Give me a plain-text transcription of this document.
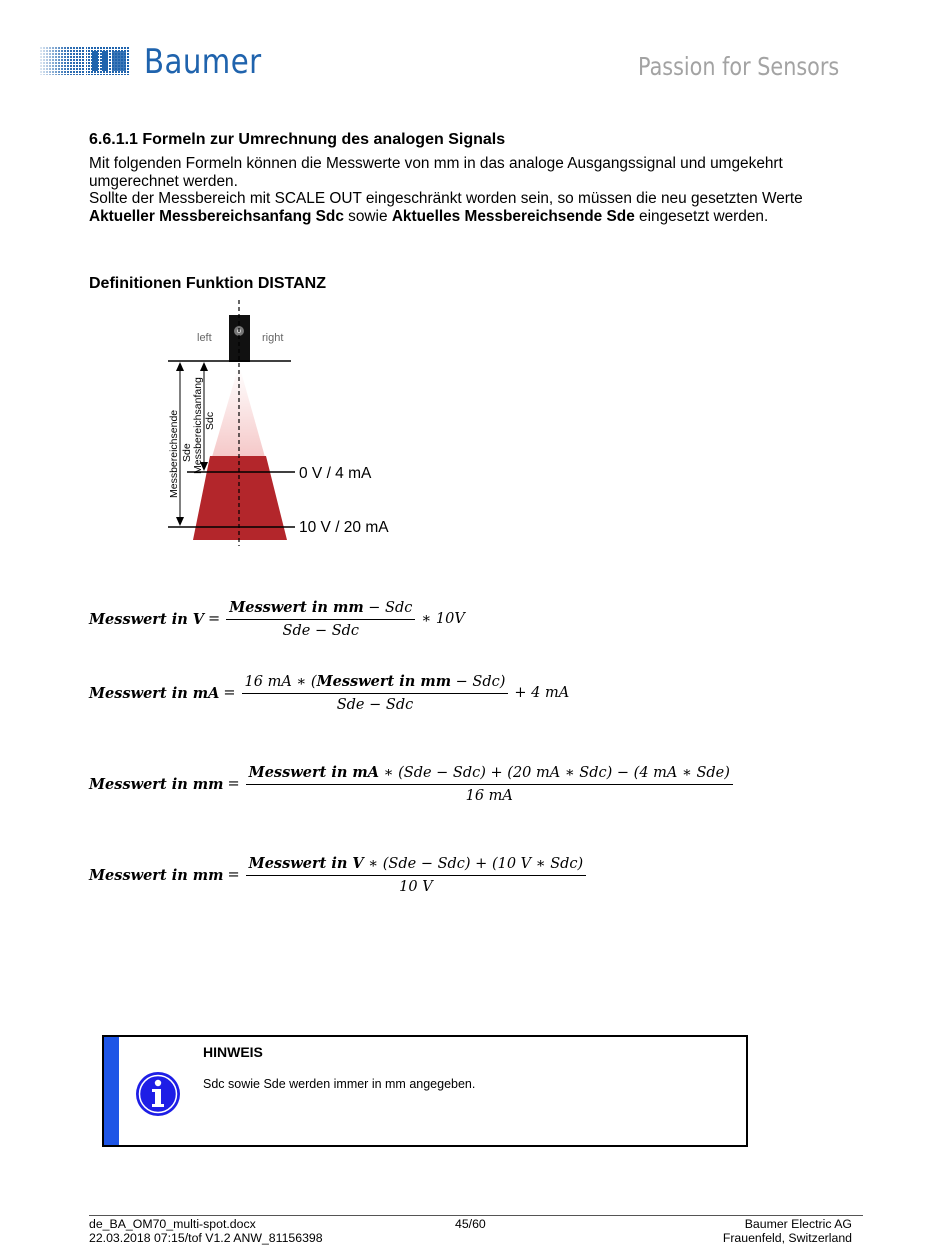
Baumer	Passion for Sensors
6.6.1.1 Formeln zur Umrechnung des analogen Signals
Mit folgenden Formeln können die Messwerte von mm in das analoge Ausgangssignal und umgekehrt umgerechnet werden.
Sollte der Messbereich mit SCALE OUT eingeschränkt worden sein, so müssen die neu gesetzten Werte Aktueller Messbereichsanfang Sdc sowie Aktuelles Messbereichsende Sde eingesetzt werden.
Definitionen Funktion DISTANZ
left	right
Messbereichsende Sde Messbereichsanfang Sdc
0 V / 4 mA
10 V / 20 mA
Messwert in $V = \frac{\text{Messwert in mm − Sdc}}{\text{Sde − Sdc}}$ ∗ 10V
Messwert in mA = $\frac{\text{16 mA ∗ (Messwert in mm − Sdc)}}{\text{Sde − Sdc}} + 4$ mA
Messwert in mm = $\frac{\text{Messwert in mA ∗ (Sde − Sdc) + (20 mA ∗ Sdc) − (4 mA ∗ Sde)}}{16 mA}$
Messwert in mm = $\frac{\text{Messwert in V ∗ (Sde − Sdc) + (10 V ∗ Sdc)}}{10 V}$
HINWEIS
Sdc sowie Sde werden immer in mm angegeben.
de_BA_OM70_multi-spot.docx
22.03.2018 07:15/tof V1.2 ANW_81156398
45/60	Baumer Electric AG
Frauenfeld, Switzerland
